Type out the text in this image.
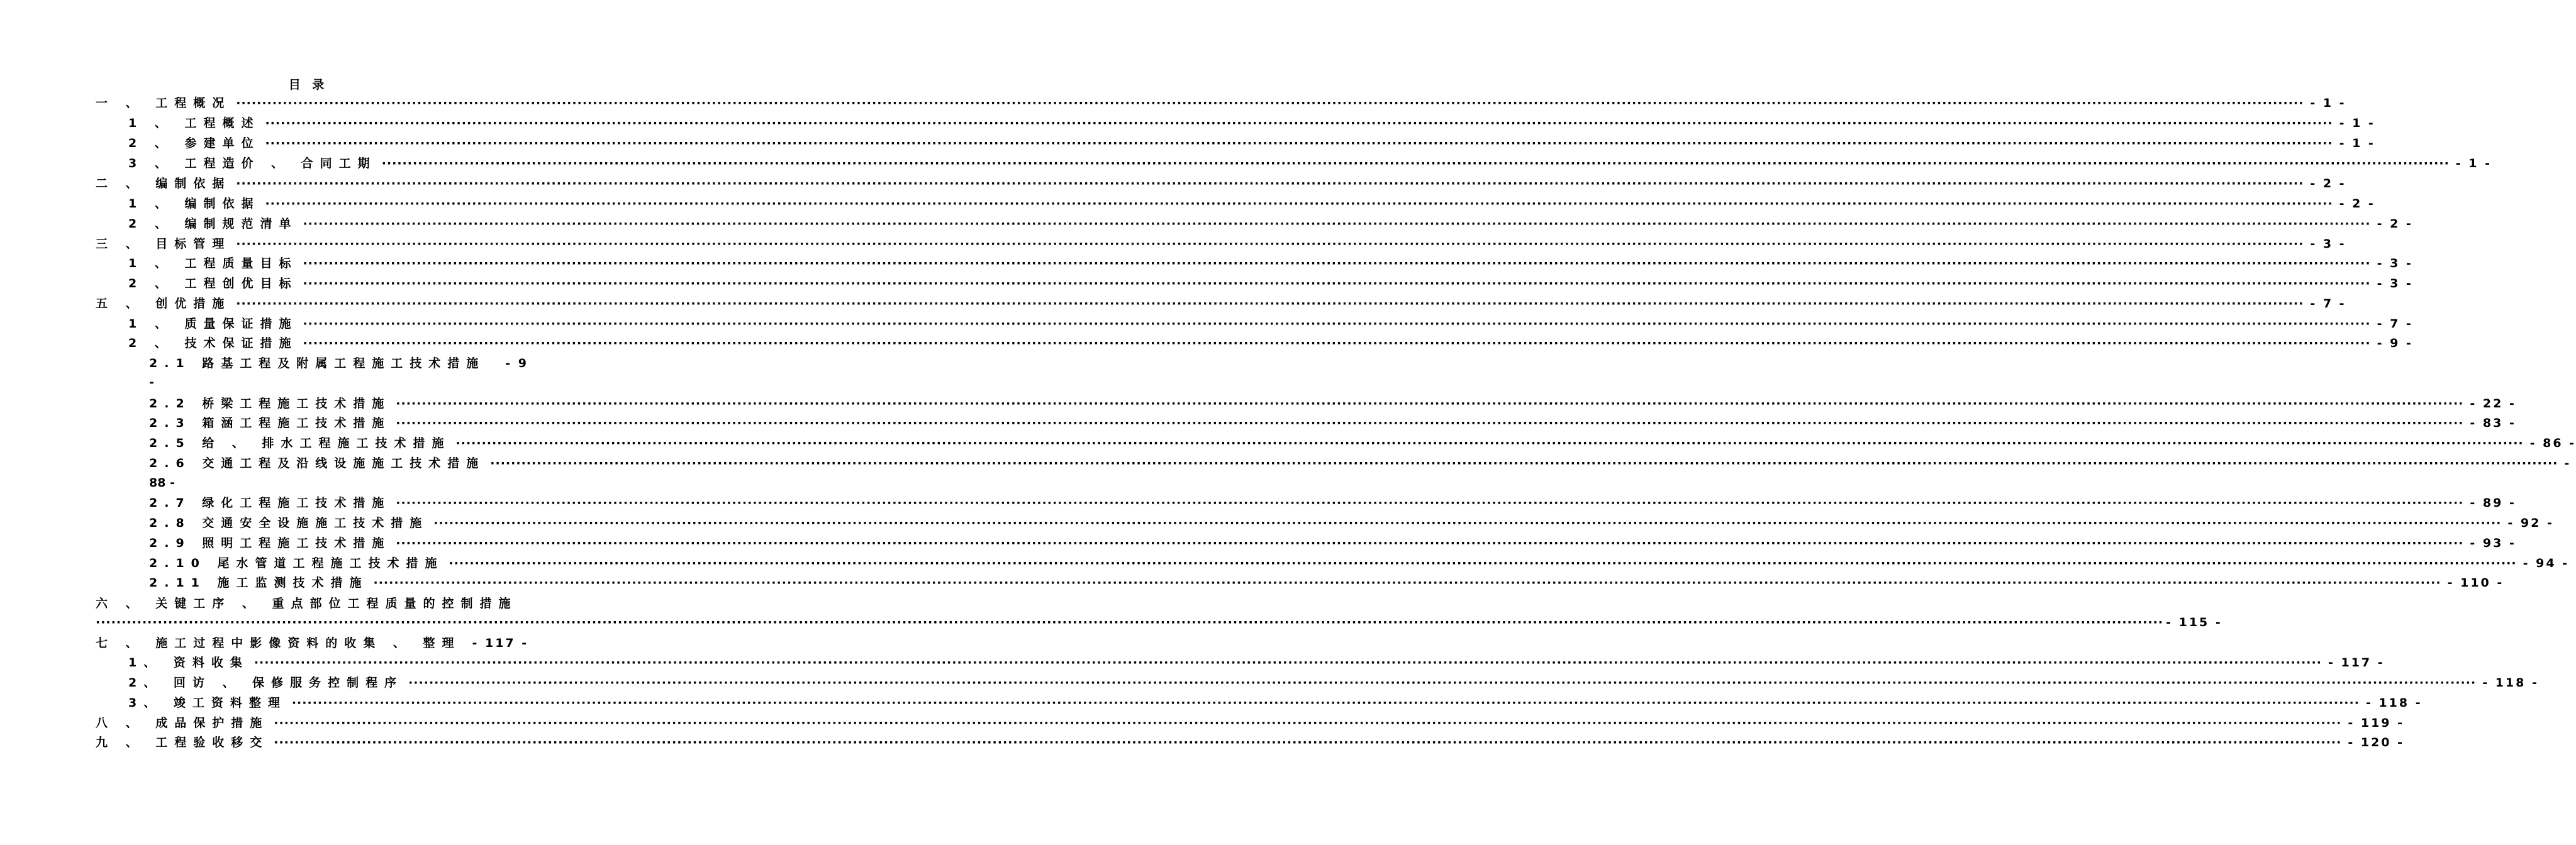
目 录
一 、 工程概况 ················································································································································································································································································································································································································ - 1 -
1 、 工程概述 ················································································································································································································································································································································································································ - 1 -
2 、 参建单位 ················································································································································································································································································································································································································ - 1 -
3 、 工程造价 、 合同工期 ················································································································································································································································································································································································································ - 1 -
二 、 编制依据 ················································································································································································································································································································································································································ - 2 -
1 、 编制依据 ················································································································································································································································································································································································································ - 2 -
2 、 编制规范清单 ················································································································································································································································································································································································································ - 2 -
三 、 目标管理 ················································································································································································································································································································································································································ - 3 -
1 、 工程质量目标 ················································································································································································································································································································································································································ - 3 -
2 、 工程创优目标 ················································································································································································································································································································································································································ - 3 -
五 、 创优措施 ················································································································································································································································································································································································································ - 7 -
1 、 质量保证措施 ················································································································································································································································································································································································································ - 7 -
2 、 技术保证措施 ················································································································································································································································································································································································································ - 9 -
2.1 路基工程及附属工程施工技术措施 - 9
-
2.2 桥梁工程施工技术措施 ················································································································································································································································································································································································································ - 22 -
2.3 箱涵工程施工技术措施 ················································································································································································································································································································································································································ - 83 -
2.5 给 、 排水工程施工技术措施 ················································································································································································································································································································································································································ - 86 -
2.6 交通工程及沿线设施施工技术措施 ················································································································································································································································································································································································································ -
88 -
2.7 绿化工程施工技术措施 ················································································································································································································································································································································································································ - 89 -
2.8 交通安全设施施工技术措施 ················································································································································································································································································································································································································ - 92 -
2.9 照明工程施工技术措施 ················································································································································································································································································································································································································ - 93 -
2.10 尾水管道工程施工技术措施 ················································································································································································································································································································································································································ - 94 -
2.11 施工监测技术措施 ················································································································································································································································································································································································································ - 110 -
六 、 关键工序 、 重点部位工程质量的控制措施
················································································································································································································································································································································································································ - 115 -
七 、 施工过程中影像资料的收集 、 整理 - 117 -
1、 资料收集 ················································································································································································································································································································································································································ - 117 -
2、 回访 、 保修服务控制程序 ················································································································································································································································································································································································································ - 118 -
3、 竣工资料整理 ················································································································································································································································································································································································································ - 118 -
八 、 成品保护措施 ················································································································································································································································································································································································································ - 119 -
九 、 工程验收移交 ················································································································································································································································································································································································································ - 120 -
